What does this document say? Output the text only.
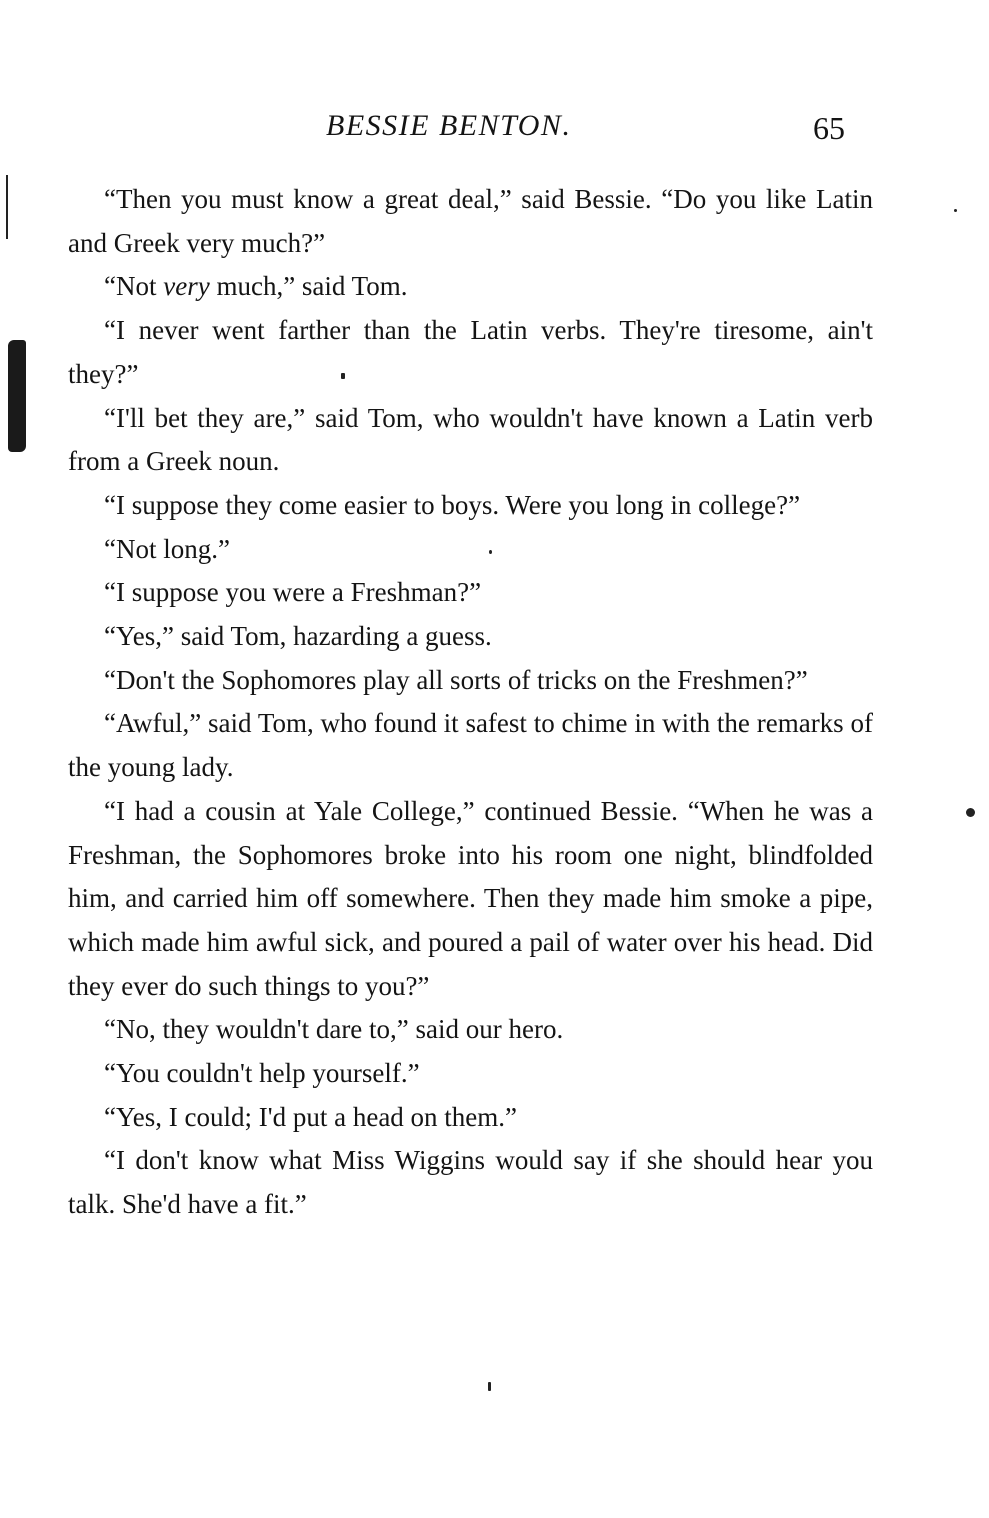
BESSIE BENTON.	65

“Then you must know a great deal,” said Bessie. “Do you like Latin and Greek very much?”

“Not very much,” said Tom.

“I never went farther than the Latin verbs. They're tiresome, ain't they?”

“I'll bet they are,” said Tom, who wouldn't have known a Latin verb from a Greek noun.

“I suppose they come easier to boys. Were you long in college?”

“Not long.”

“I suppose you were a Freshman?”

“Yes,” said Tom, hazarding a guess.

“Don't the Sophomores play all sorts of tricks on the Freshmen?”

“Awful,” said Tom, who found it safest to chime in with the remarks of the young lady.

“I had a cousin at Yale College,” continued Bessie. “When he was a Freshman, the Sophomores broke into his room one night, blindfolded him, and carried him off somewhere. Then they made him smoke a pipe, which made him awful sick, and poured a pail of water over his head. Did they ever do such things to you?”

“No, they wouldn't dare to,” said our hero.

“You couldn't help yourself.”

“Yes, I could; I'd put a head on them.”

“I don't know what Miss Wiggins would say if she should hear you talk. She'd have a fit.”
